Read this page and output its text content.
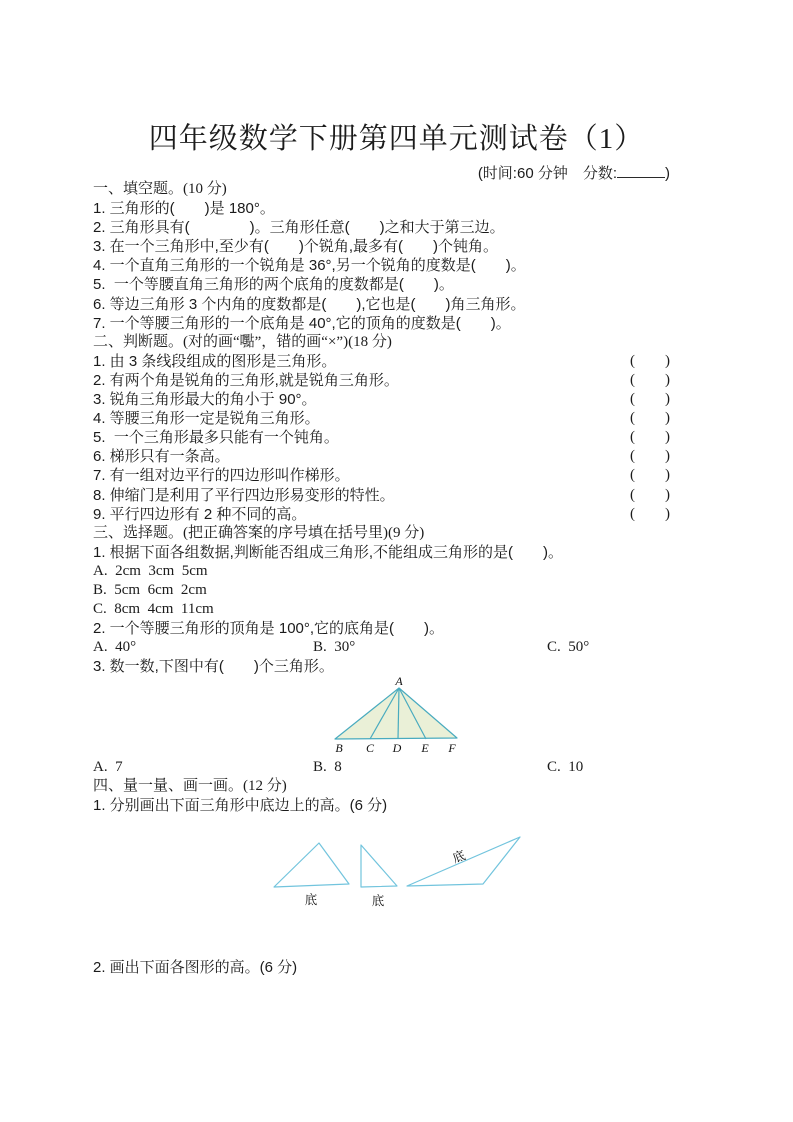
四年级数学下册第四单元测试卷（1）
(时间:60 分钟　分数:	)
一、填空题。(10 分)
1. 三角形的(　　)是 180°。
2. 三角形具有(　　　　)。三角形任意(　　)之和大于第三边。
3. 在一个三角形中,至少有(　　)个锐角,最多有(　　)个钝角。
4. 一个直角三角形的一个锐角是 36°,另一个锐角的度数是(　　)。
5.  一个等腰直角三角形的两个底角的度数都是(　　)。
6. 等边三角形 3 个内角的度数都是(　　),它也是(　　)角三角形。
7. 一个等腰三角形的一个底角是 40°,它的顶角的度数是(　　)。
二、判断题。(对的画“嚸”，错的画“×”)(18 分)
1. 由 3 条线段组成的图形是三角形。	(　　)
2. 有两个角是锐角的三角形,就是锐角三角形。	(　　)
3. 锐角三角形最大的角小于 90°。	(　　)
4. 等腰三角形一定是锐角三角形。	(　　)
5.  一个三角形最多只能有一个钝角。	(　　)
6. 梯形只有一条高。	(　　)
7. 有一组对边平行的四边形叫作梯形。	(　　)
8. 伸缩门是利用了平行四边形易变形的特性。	(　　)
9. 平行四边形有 2 种不同的高。	(　　)
三、选择题。(把正确答案的序号填在括号里)(9 分)
1. 根据下面各组数据,判断能否组成三角形,不能组成三角形的是(　　)。
A.  2cm  3cm  5cm
B.  5cm  6cm  2cm
C.  8cm  4cm  11cm
2. 一个等腰三角形的顶角是 100°,它的底角是(　　)。

A.  40°

	B.  30°

	C.  50°

3. 数一数,下图中有(　　)个三角形。
A
B C D E F

A.  7

	B.  8

	C.  10

四、量一量、画一画。(12 分)
1. 分别画出下面三角形中底边上的高。(6 分)
底	底
底
2. 画出下面各图形的高。(6 分)
